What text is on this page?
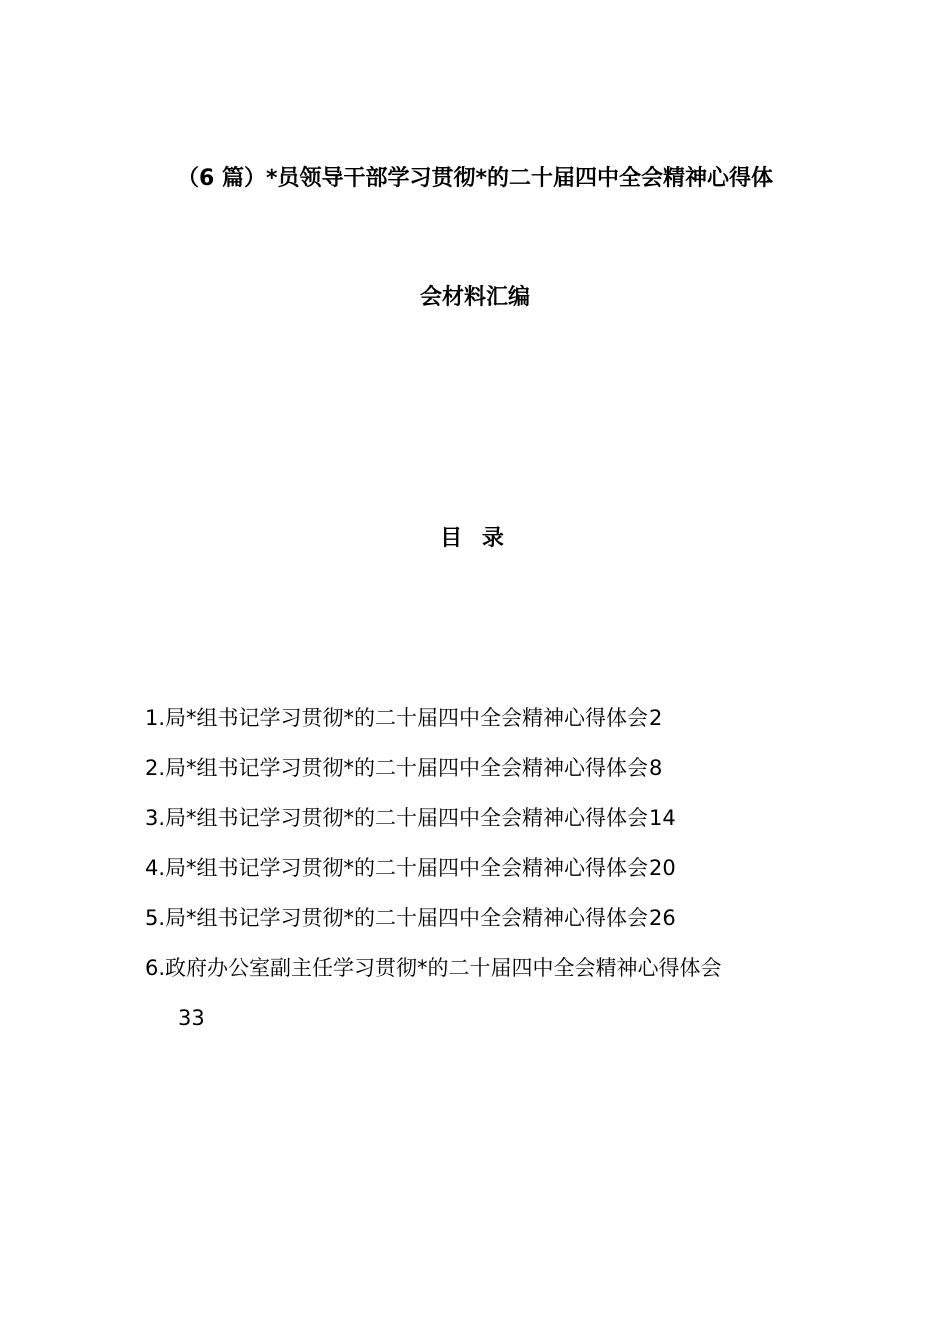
（6 篇）*员领导干部学习贯彻*的二十届四中全会精神心得体
会材料汇编
目 录
1.局*组书记学习贯彻*的二十届四中全会精神心得体会2
2.局*组书记学习贯彻*的二十届四中全会精神心得体会8
3.局*组书记学习贯彻*的二十届四中全会精神心得体会14
4.局*组书记学习贯彻*的二十届四中全会精神心得体会20
5.局*组书记学习贯彻*的二十届四中全会精神心得体会26
6.政府办公室副主任学习贯彻*的二十届四中全会精神心得体会
33
